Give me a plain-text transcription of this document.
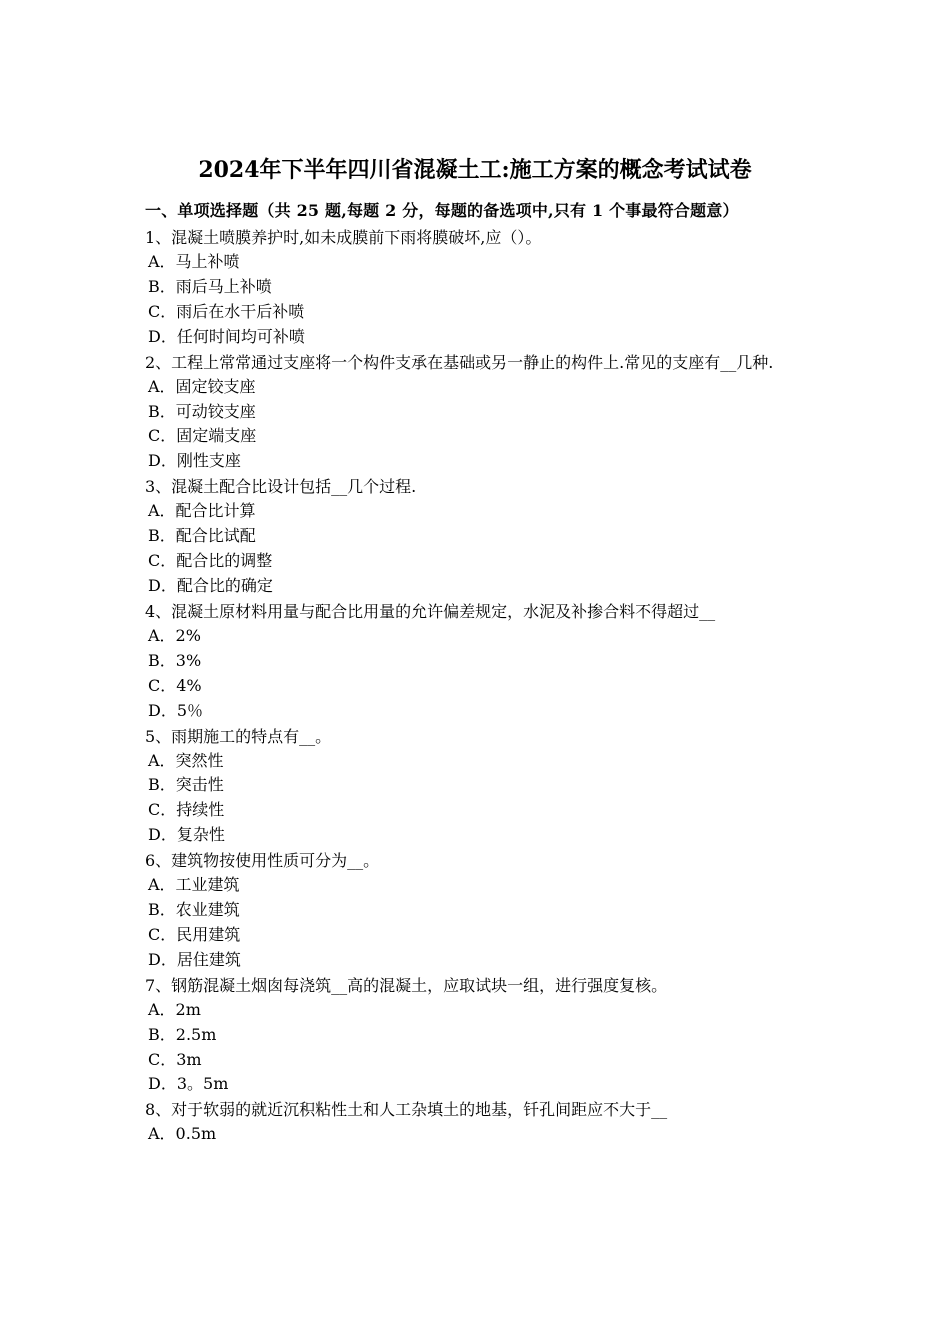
2024年下半年四川省混凝土工:施工方案的概念考试试卷
一、单项选择题（共 25 题,每题 2 分，每题的备选项中,只有 1 个事最符合题意）
1、混凝土喷膜养护时,如未成膜前下雨将膜破坏,应（）。
A．马上补喷
B．雨后马上补喷
C．雨后在水干后补喷
D．任何时间均可补喷
2、工程上常常通过支座将一个构件支承在基础或另一静止的构件上.常见的支座有__几种.
A．固定铰支座
B．可动铰支座
C．固定端支座
D．刚性支座
3、混凝土配合比设计包括__几个过程.
A．配合比计算
B．配合比试配
C．配合比的调整
D．配合比的确定
4、混凝土原材料用量与配合比用量的允许偏差规定，水泥及补掺合料不得超过__
A．2%
B．3%
C．4%
D．5％
5、雨期施工的特点有__。
A．突然性
B．突击性
C．持续性
D．复杂性
6、建筑物按使用性质可分为__。
A．工业建筑
B．农业建筑
C．民用建筑
D．居住建筑
7、钢筋混凝土烟囱每浇筑__高的混凝土，应取试块一组，进行强度复核。
A．2m
B．2.5m
C．3m
D．3。5m
8、对于软弱的就近沉积粘性土和人工杂填土的地基，钎孔间距应不大于__
A．0.5m
